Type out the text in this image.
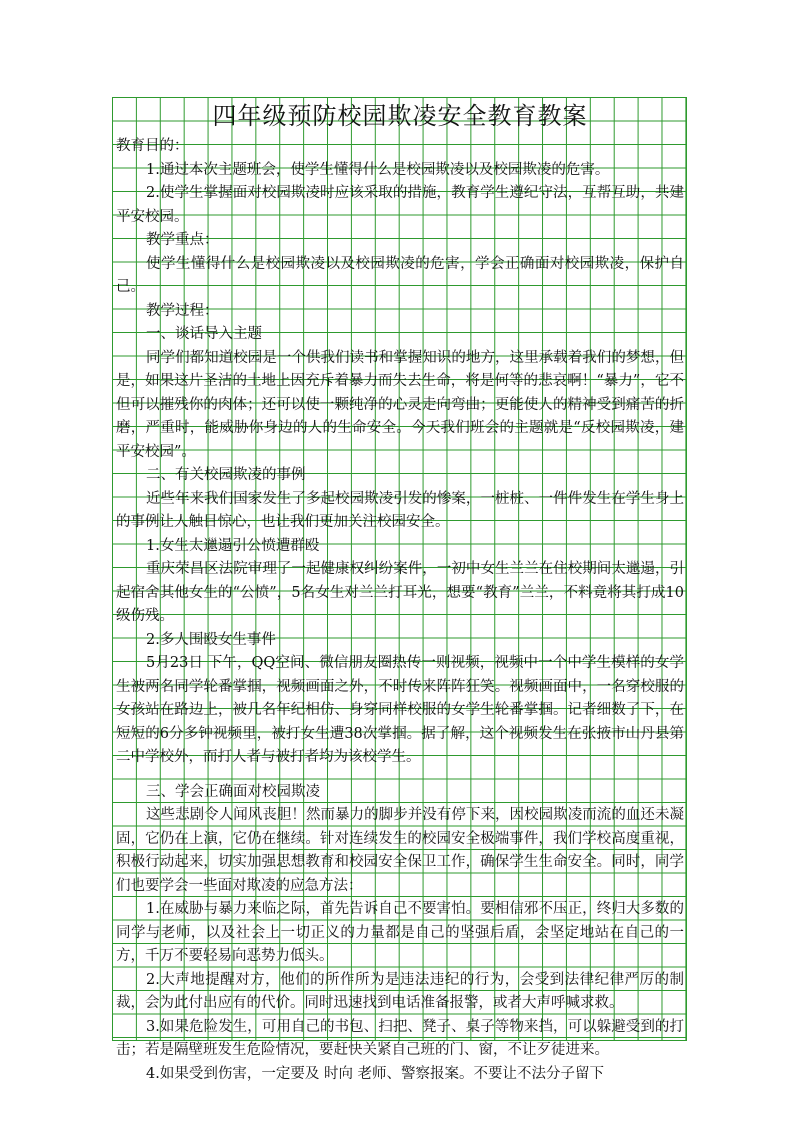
四年级预防校园欺凌安全教育教案

教育目的：

1.通过本次主题班会，使学生懂得什么是校园欺凌以及校园欺凌的危害。

2.使学生掌握面对校园欺凌时应该采取的措施，教育学生遵纪守法，互帮互助，共建平安校园。

教学重点：

使学生懂得什么是校园欺凌以及校园欺凌的危害，学会正确面对校园欺凌，保护自己。

教学过程：

一、谈话导入主题

同学们都知道校园是一个供我们读书和掌握知识的地方，这里承载着我们的梦想，但是，如果这片圣洁的土地上因充斥着暴力而失去生命，将是何等的悲哀啊！“暴力”，它不但可以摧残你的肉体；还可以使一颗纯净的心灵走向弯曲；更能使人的精神受到痛苦的折磨，严重时，能威胁你身边的人的生命安全。今天我们班会的主题就是“反校园欺凌，建平安校园”。

二、有关校园欺凌的事例

近些年来我们国家发生了多起校园欺凌引发的惨案，一桩桩、一件件发生在学生身上的事例让人触目惊心，也让我们更加关注校园安全。

1.女生太邋遢引公愤遭群殴

重庆荣昌区法院审理了一起健康权纠纷案件，一初中女生兰兰在住校期间太邋遢，引起宿舍其他女生的“公愤”，5名女生对兰兰打耳光，想要“教育”兰兰，不料竟将其打成10级伤残。

2.多人围殴女生事件

5月23日 下午，QQ空间、微信朋友圈热传一则视频，视频中一个中学生模样的女学生被两名同学轮番掌掴，视频画面之外，不时传来阵阵狂笑。视频画面中，一名穿校服的女孩站在路边上，被几名年纪相仿、身穿同样校服的女学生轮番掌掴。记者细数了下，在短短的6分多钟视频里，被打女生遭38次掌掴。据了解，这个视频发生在张掖市山丹县第二中学校外，而打人者与被打者均为该校学生。

三、学会正确面对校园欺凌

这些悲剧令人闻风丧胆！然而暴力的脚步并没有停下来，因校园欺凌而流的血还未凝固，它仍在上演，它仍在继续。针对连续发生的校园安全极端事件，我们学校高度重视，积极行动起来，切实加强思想教育和校园安全保卫工作，确保学生生命安全。同时，同学们也要学会一些面对欺凌的应急方法：

1.在威胁与暴力来临之际，首先告诉自己不要害怕。要相信邪不压正，终归大多数的同学与老师，以及社会上一切正义的力量都是自己的坚强后盾，会坚定地站在自己的一方，千万不要轻易向恶势力低头。

2.大声地提醒对方，他们的所作所为是违法违纪的行为，会受到法律纪律严厉的制裁，会为此付出应有的代价。同时迅速找到电话准备报警，或者大声呼喊求救。

3.如果危险发生，可用自己的书包、扫把、凳子、桌子等物来挡，可以躲避受到的打击；若是隔壁班发生危险情况，要赶快关紧自己班的门、窗，不让歹徒进来。

4.如果受到伤害，一定要及 时向 老师、警察报案。不要让不法分子留下
